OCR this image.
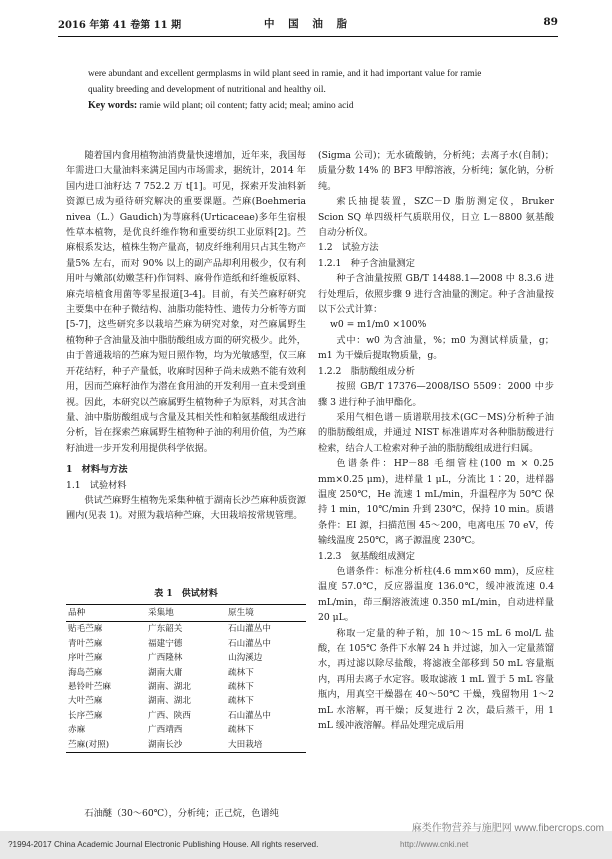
2016 年第 41 卷第 11 期	中 国 油 脂	89

were abundant and excellent germplasms in wild plant seed in ramie, and it had important value for ramie

quality breeding and development of nutritional and healthy oil.

Key words: ramie wild plant; oil content; fatty acid; meal; amino acid

随着国内食用植物油消费量快速增加，近年来，我国每年需进口大量油料来满足国内市场需求，据统计，2014 年国内进口油籽达 7 752.2 万 t[1]。可见，探索开发油料新资源已成为亟待研究解决的重要课题。苎麻(Boehmeria nivea（L.）Gaudich)为荨麻科(Urticaceae)多年生宿根性草本植物，是优良纤维作物和重要纺织工业原料[2]。苎麻根系发达，植株生物产量高，韧皮纤维利用只占其生物产量5% 左右，而对 90% 以上的副产品却利用极少，仅有利用叶与嫩部(幼嫩茎秆)作饲料、麻骨作造纸和纤维板原料、麻壳培植食用菌等零星报道[3-4]。目前，有关苎麻籽研究主要集中在种子微结构、油脂功能特性、遗传力分析等方面[5-7]，这些研究多以栽培苎麻为研究对象，对苎麻属野生植物种子含油量及油中脂肪酸组成方面的研究极少。此外，由于普通栽培的苎麻为短日照作物，均为光敏感型，仅三麻开花结籽，种子产量低，收麻时因种子尚未成熟不能有效利用，因而苎麻籽油作为潜在食用油的开发利用一直未受到重视。因此，本研究以苎麻属野生植物种子为原料，对其含油量、油中脂肪酸组成与含量及其相关性和粕氨基酸组成进行分析，旨在探索苎麻属野生植物种子油的利用价值，为苎麻籽油进一步开发利用提供科学依据。

1　材料与方法

1.1　试验材料

供试苎麻野生植物先采集种植于湖南长沙苎麻种质资源圃内(见表 1)。对照为栽培种苎麻，大田栽培按常规管理。

表 1　供试材料
品种	采集地	原生境
贴毛苎麻	广东韶关	石山灌丛中
青叶苎麻	福建宁德	石山灌丛中
序叶苎麻	广西隆林	山沟溪边
海岛苎麻	湖南大庸	疏林下
悬铃叶苎麻	湖南、湖北	疏林下
大叶苎麻	湖南、湖北	疏林下
长序苎麻	广西、陕西	石山灌丛中
赤麻	广西靖西	疏林下
苎麻(对照)	湖南长沙	大田栽培

石油醚（30～60℃），分析纯；正己烷，色谱纯

(Sigma 公司)；无水硫酸钠，分析纯；去离子水(自制)；质量分数 14% 的 BF3 甲醇溶液，分析纯；氯化钠，分析纯。

索氏抽提装置，SZC－D 脂肪测定仪，Bruker Scion SQ 单四级杆气质联用仪，日立 L－8800 氨基酸自动分析仪。

1.2　试验方法

1.2.1　种子含油量测定

种子含油量按照 GB/T 14488.1—2008 中 8.3.6 进行处理后，依照步骤 9 进行含油量的测定。种子含油量按以下公式计算：

w0 = m1/m0 ×100%

式中：w0 为含油量，%；m0 为测试样质量，g；m1 为干燥后提取物质量，g。

1.2.2　脂肪酸组成分析

按照 GB/T 17376—2008/ISO 5509：2000 中步骤 3 进行种子油甲酯化。

采用气相色谱－质谱联用技术(GC－MS)分析种子油的脂肪酸组成，并通过 NIST 标准谱库对各种脂肪酸进行检索，结合人工检索对种子油的脂肪酸组成进行归属。

色谱条件：HP－88 毛细管柱(100 m × 0.25 mm×0.25 μm)，进样量 1 μL，分流比 1∶20，进样器温度 250℃，He 流速 1 mL/min，升温程序为 50℃ 保持 1 min，10℃/min 升到 230℃，保持 10 min。质谱条件：EI 源，扫描范围 45～200，电离电压 70 eV，传输线温度 250℃，离子源温度 230℃。

1.2.3　氨基酸组成测定

色谱条件：标准分析柱(4.6 mm×60 mm)，反应柱温度 57.0℃，反应器温度 136.0℃，缓冲液流速 0.4 mL/min，茚三酮溶液流速 0.350 mL/min，自动进样量 20 μL。

称取一定量的种子粕，加 10～15 mL 6 mol/L 盐酸，在 105℃ 条件下水解 24 h 并过滤，加入一定量蒸馏水，再过滤以除尽盐酸，将滤液全部移到 50 mL 容量瓶内，再用去离子水定容。吸取滤液 1 mL 置于 5 mL 容量瓶内，用真空干燥器在 40～50℃ 干燥，残留物用 1～2 mL 水溶解，再干燥；反复进行 2 次，最后蒸干，用 1 mL 缓冲液溶解。样品处理完成后用

?1994-2017 China Academic Journal Electronic Publishing House. All rights reserved.	http://www.cnki.net
麻类作物营养与施肥网 www.fibercrops.com
